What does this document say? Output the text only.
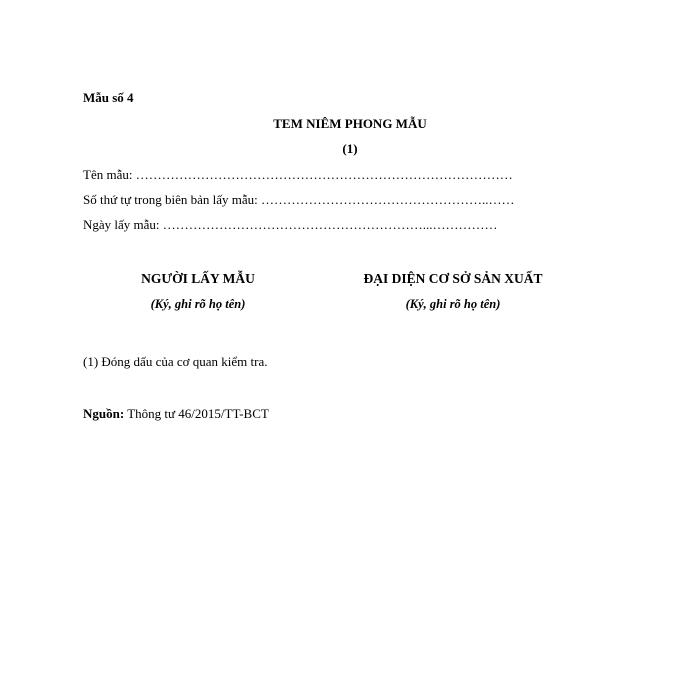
Mẫu số 4
TEM NIÊM PHONG MẪU
(1)
Tên mẫu: ……………………………………………………………………………
Số thứ tự trong biên bản lấy mẫu: ……………………………………………..……
Ngày lấy mẫu: ……………………………………………………...……………
NGƯỜI LẤY MẪU
(Ký, ghi rõ họ tên)
ĐẠI DIỆN CƠ SỞ SẢN XUẤT
(Ký, ghi rõ họ tên)
(1) Đóng dấu của cơ quan kiểm tra.
Nguồn: Thông tư 46/2015/TT-BCT
